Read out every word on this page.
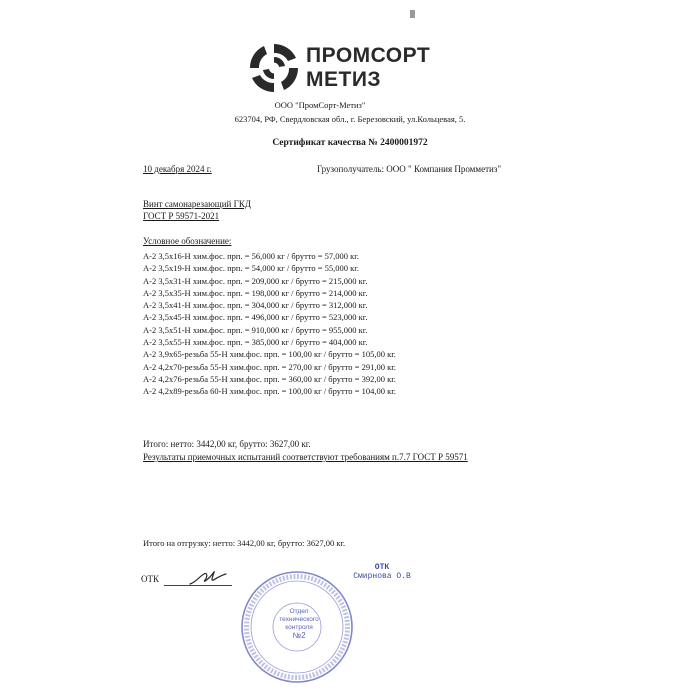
ПРОМСОРТ
МЕТИЗ
ООО "ПромСорт-Метиз"
623704, РФ, Свердловская обл., г. Березовский, ул.Кольцевая, 5.
Сертификат качества № 2400001972
10 декабря 2024 г.	Грузополучатель: ООО " Компания Промметиз"
Винт самонарезающий ГКД
ГОСТ Р 59571-2021
Условное обозначение:
А-2 3,5х16-Н хим.фос. прп. = 56,000 кг / брутто = 57,000 кг.
А-2 3,5х19-Н хим.фос. прп. = 54,000 кг / брутто = 55,000 кг.
А-2 3,5х31-Н хим.фос. прп. = 209,000 кг / брутто = 215,000 кг.
А-2 3,5х35-Н хим.фос. прп. = 198,000 кг / брутто = 214,000 кг.
А-2 3,5х41-Н хим.фос. прп. = 304,000 кг / брутто = 312,000 кг.
А-2 3,5х45-Н хим.фос. прп. = 496,000 кг / брутто = 523,000 кг.
А-2 3,5х51-Н хим.фос. прп. = 910,000 кг / брутто = 955,000 кг.
А-2 3,5х55-Н хим.фос. прп. = 385,000 кг / брутто = 404,000 кг.
А-2 3,9х65-резьба 55-Н хим.фос. прп. = 100,00 кг / брутто = 105,00 кг.
А-2 4,2х70-резьба 55-Н хим.фос. прп. = 270,00 кг / брутто = 291,00 кг.
А-2 4,2х76-резьба 55-Н хим.фос. прп. = 360,00 кг / брутто = 392,00 кг.
А-2 4,2х89-резьба 60-Н хим.фос. прп. = 100,00 кг / брутто = 104,00 кг.
Итого: нетто: 3442,00 кг, брутто: 3627,00 кг.
Результаты приемочных испытаний соответствуют требованиям п.7.7 ГОСТ Р 59571
Итого на отгрузку: нетто: 3442,00 кг, брутто: 3627,00 кг.
ОТК
Отдел
технического
контроля
№2
ОТК
Смирнова О.В
